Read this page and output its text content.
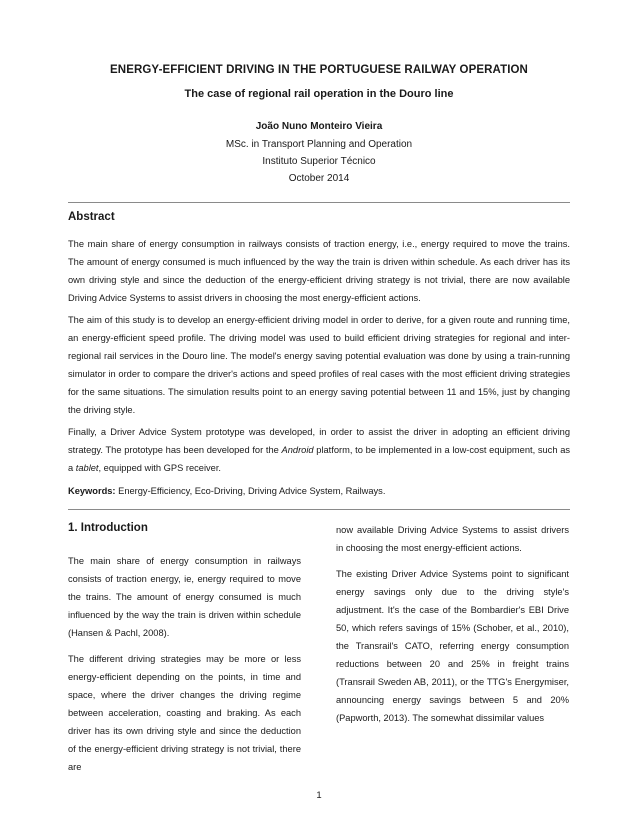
ENERGY-EFFICIENT DRIVING IN THE PORTUGUESE RAILWAY OPERATION
The case of regional rail operation in the Douro line
João Nuno Monteiro Vieira
MSc. in Transport Planning and Operation
Instituto Superior Técnico
October 2014
Abstract

The main share of energy consumption in railways consists of traction energy, i.e., energy required to move the trains. The amount of energy consumed is much influenced by the way the train is driven within schedule. As each driver has its own driving style and since the deduction of the energy-efficient driving strategy is not trivial, there are now available Driving Advice Systems to assist drivers in choosing the most energy-efficient actions.

The aim of this study is to develop an energy-efficient driving model in order to derive, for a given route and running time, an energy-efficient speed profile. The driving model was used to build efficient driving strategies for regional and inter-regional rail services in the Douro line. The model's energy saving potential evaluation was done by using a train-running simulator in order to compare the driver's actions and speed profiles of real cases with the most efficient driving strategies for the same situations. The simulation results point to an energy saving potential between 11 and 15%, just by changing the driving style.

Finally, a Driver Advice System prototype was developed, in order to assist the driver in adopting an efficient driving strategy. The prototype has been developed for the Android platform, to be implemented in a low-cost equipment, such as a tablet, equipped with GPS receiver.

Keywords: Energy-Efficiency, Eco-Driving, Driving Advice System, Railways.
1. Introduction

The main share of energy consumption in railways consists of traction energy, ie, energy required to move the trains. The amount of energy consumed is much influenced by the way the train is driven within schedule (Hansen & Pachl, 2008).

The different driving strategies may be more or less energy-efficient depending on the points, in time and space, where the driver changes the driving regime between acceleration, coasting and braking. As each driver has its own driving style and since the deduction of the energy-efficient driving strategy is not trivial, there are

now available Driving Advice Systems to assist drivers in choosing the most energy-efficient actions.

The existing Driver Advice Systems point to significant energy savings only due to the driving style's adjustment. It's the case of the Bombardier's EBI Drive 50, which refers savings of 15% (Schober, et al., 2010), the Transrail's CATO, referring energy consumption reductions between 20 and 25% in freight trains (Transrail Sweden AB, 2011), or the TTG's Energymiser, announcing energy savings between 5 and 20% (Papworth, 2013). The somewhat dissimilar values

1
